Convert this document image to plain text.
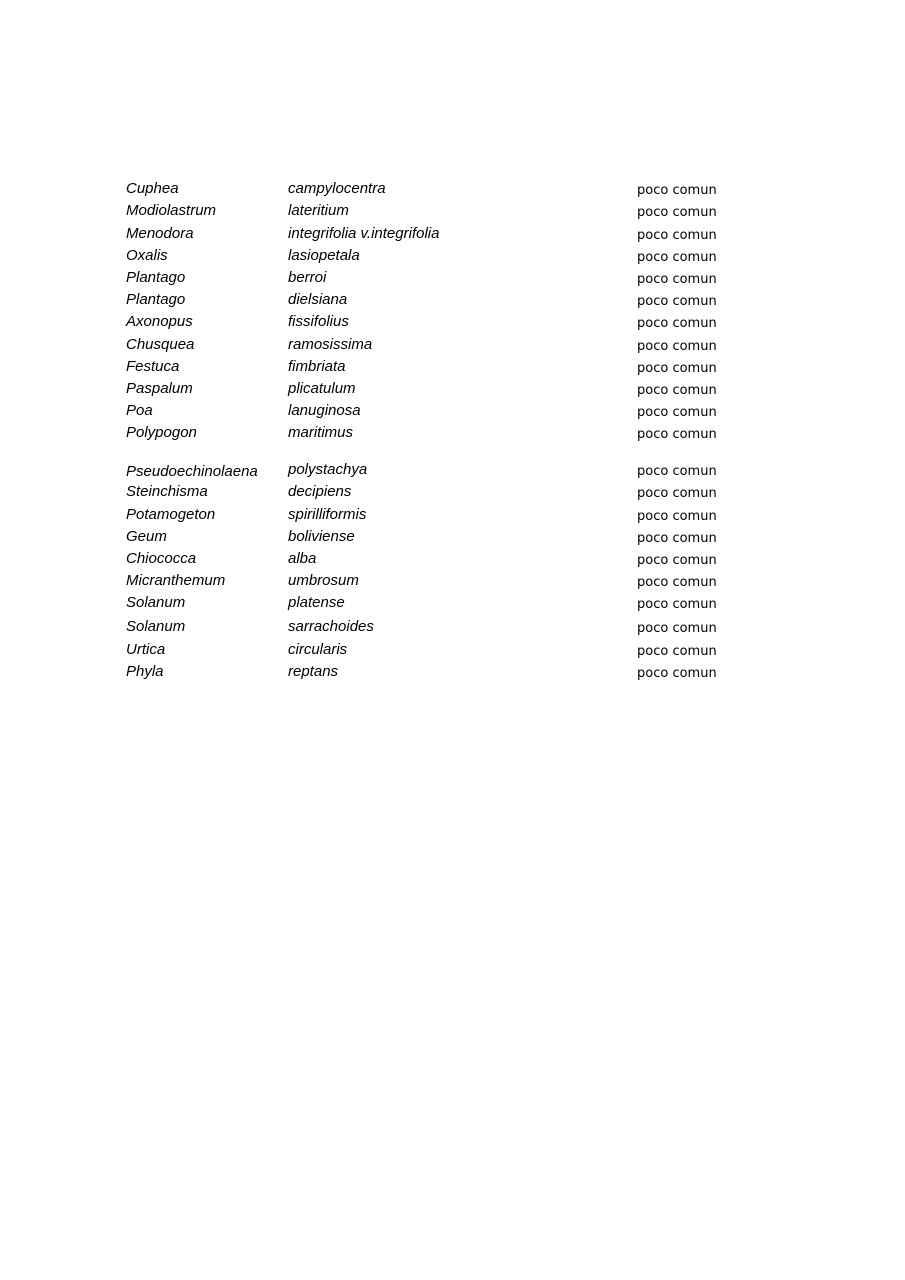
Cuphea	campylocentra	poco comun
Modiolastrum	lateritium	poco comun
Menodora	integrifolia v.integrifolia	poco comun
Oxalis	lasiopetala	poco comun
Plantago	berroi	poco comun
Plantago	dielsiana	poco comun
Axonopus	fissifolius	poco comun
Chusquea	ramosissima	poco comun
Festuca	fimbriata	poco comun
Paspalum	plicatulum	poco comun
Poa	lanuginosa	poco comun
Polypogon	maritimus	poco comun
Pseudoechinolaena	polystachya	poco comun
Steinchisma	decipiens	poco comun
Potamogeton	spirilliformis	poco comun
Geum	boliviense	poco comun
Chiococca	alba	poco comun
Micranthemum	umbrosum	poco comun
Solanum	platense	poco comun
Solanum	sarrachoides	poco comun
Urtica	circularis	poco comun
Phyla	reptans	poco comun
